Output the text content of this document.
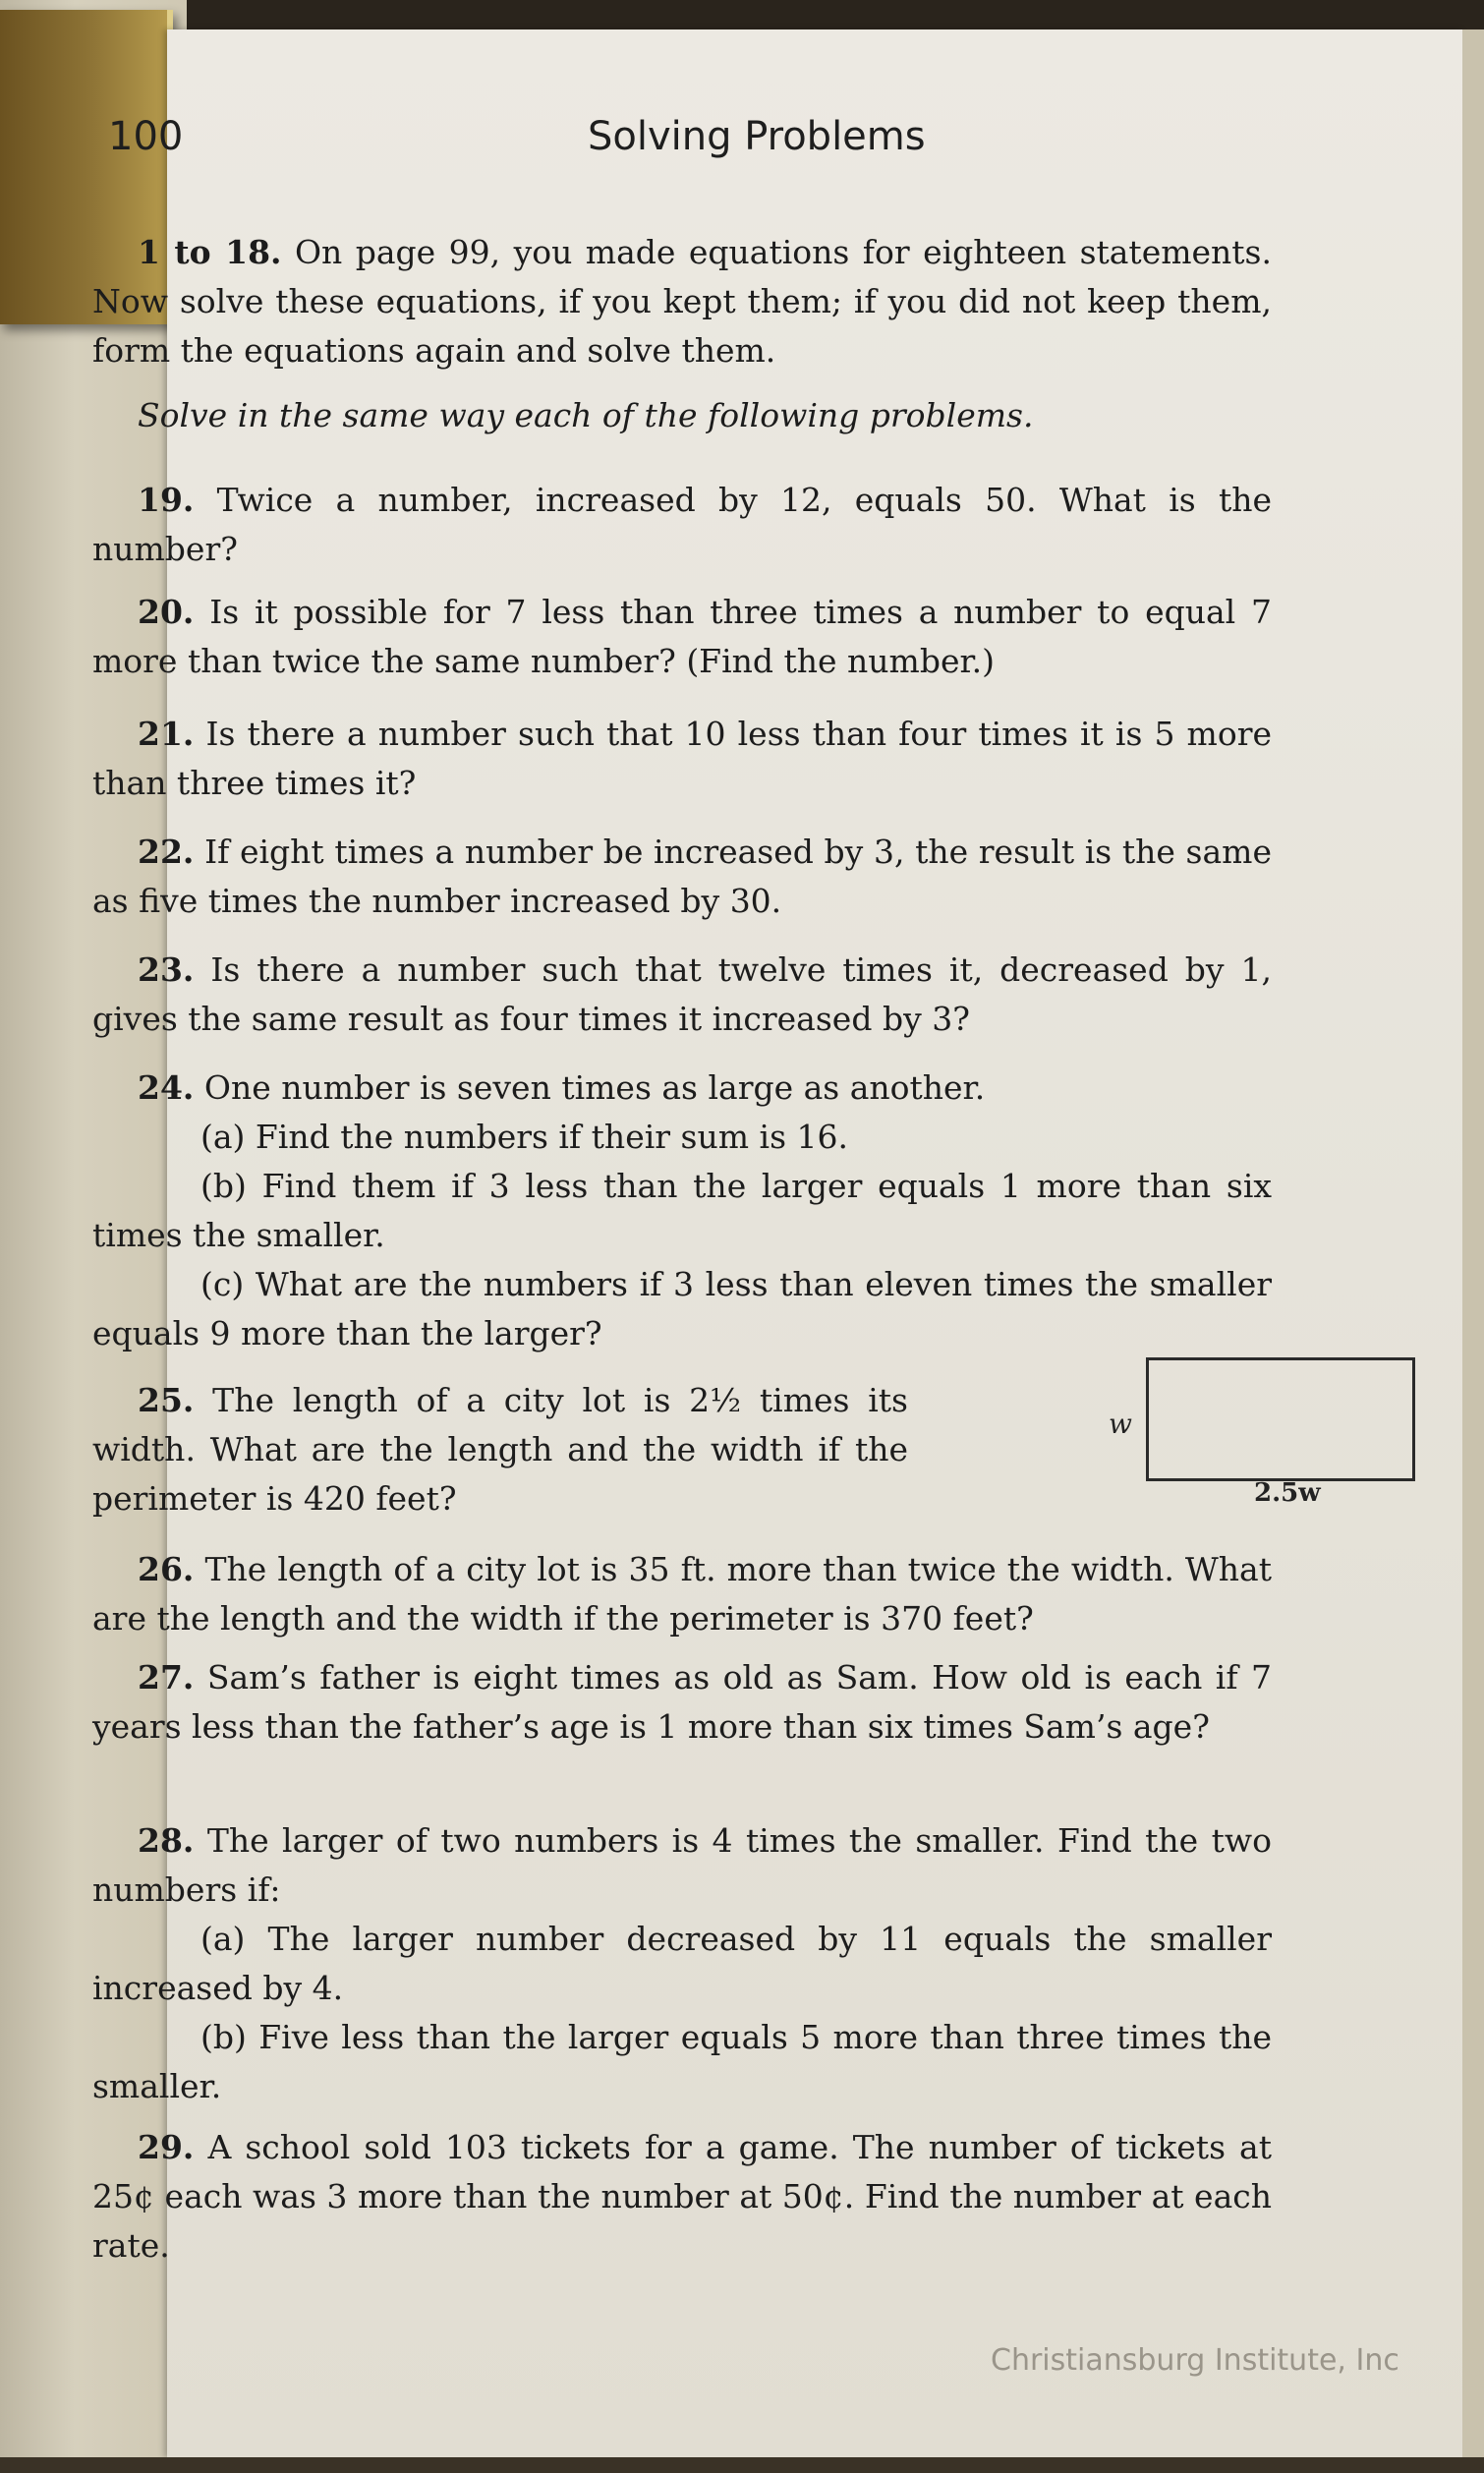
100	Solving Problems

1 to 18. On page 99, you made equations for eighteen statements. Now solve these equations, if you kept them; if you did not keep them, form the equations again and solve them.

Solve in the same way each of the following problems.

19. Twice a number, increased by 12, equals 50. What is the number?

20. Is it possible for 7 less than three times a number to equal 7 more than twice the same number? (Find the number.)

21. Is there a number such that 10 less than four times it is 5 more than three times it?

22. If eight times a number be increased by 3, the result is the same as five times the number increased by 30.

23. Is there a number such that twelve times it, decreased by 1, gives the same result as four times it increased by 3?

24. One number is seven times as large as another.

(a) Find the numbers if their sum is 16.

(b) Find them if 3 less than the larger equals 1 more than six times the smaller.

(c) What are the numbers if 3 less than eleven times the smaller equals 9 more than the larger?

25. The length of a city lot is 2½ times its width. What are the length and the width if the perimeter is 420 feet?

w
2.5w

26. The length of a city lot is 35 ft. more than twice the width. What are the length and the width if the perimeter is 370 feet?

27. Sam’s father is eight times as old as Sam. How old is each if 7 years less than the father’s age is 1 more than six times Sam’s age?

28. The larger of two numbers is 4 times the smaller. Find the two numbers if:

(a) The larger number decreased by 11 equals the smaller increased by 4.

(b) Five less than the larger equals 5 more than three times the smaller.

29. A school sold 103 tickets for a game. The number of tickets at 25¢ each was 3 more than the number at 50¢. Find the number at each rate.

Christiansburg Institute, Inc
